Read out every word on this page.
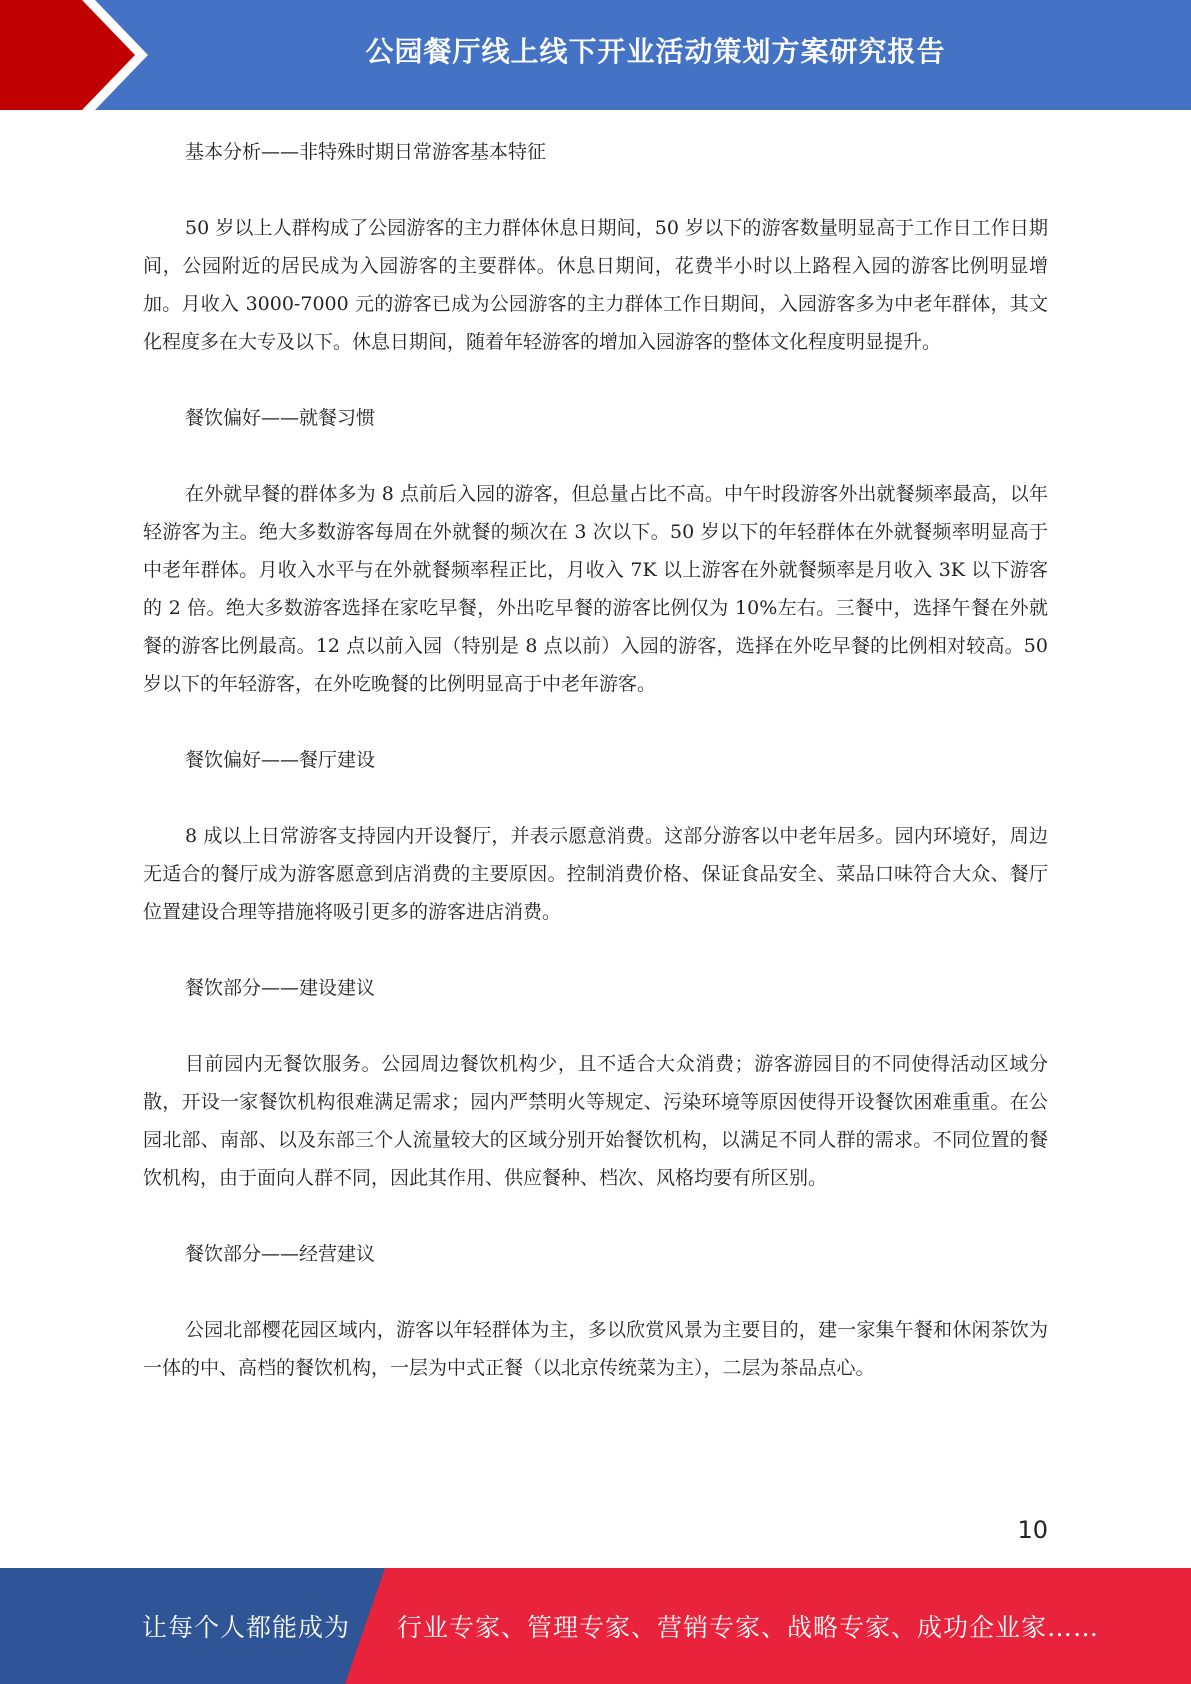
公园餐厅线上线下开业活动策划方案研究报告

基本分析——非特殊时期日常游客基本特征

50 岁以上人群构成了公园游客的主力群体休息日期间，50 岁以下的游客数量明显高于工作日工作日期间，公园附近的居民成为入园游客的主要群体。休息日期间，花费半小时以上路程入园的游客比例明显增加。月收入 3000-7000 元的游客已成为公园游客的主力群体工作日期间，入园游客多为中老年群体，其文化程度多在大专及以下。休息日期间，随着年轻游客的增加入园游客的整体文化程度明显提升。

餐饮偏好——就餐习惯

在外就早餐的群体多为 8 点前后入园的游客，但总量占比不高。中午时段游客外出就餐频率最高，以年轻游客为主。绝大多数游客每周在外就餐的频次在 3 次以下。50 岁以下的年轻群体在外就餐频率明显高于中老年群体。月收入水平与在外就餐频率程正比，月收入 7K 以上游客在外就餐频率是月收入 3K 以下游客的 2 倍。绝大多数游客选择在家吃早餐，外出吃早餐的游客比例仅为 10%左右。三餐中，选择午餐在外就餐的游客比例最高。12 点以前入园（特别是 8 点以前）入园的游客，选择在外吃早餐的比例相对较高。50 岁以下的年轻游客，在外吃晚餐的比例明显高于中老年游客。

餐饮偏好——餐厅建设

8 成以上日常游客支持园内开设餐厅，并表示愿意消费。这部分游客以中老年居多。园内环境好，周边无适合的餐厅成为游客愿意到店消费的主要原因。控制消费价格、保证食品安全、菜品口味符合大众、餐厅位置建设合理等措施将吸引更多的游客进店消费。

餐饮部分——建设建议

目前园内无餐饮服务。公园周边餐饮机构少，且不适合大众消费；游客游园目的不同使得活动区域分散，开设一家餐饮机构很难满足需求；园内严禁明火等规定、污染环境等原因使得开设餐饮困难重重。在公园北部、南部、以及东部三个人流量较大的区域分别开始餐饮机构，以满足不同人群的需求。不同位置的餐饮机构，由于面向人群不同，因此其作用、供应餐种、档次、风格均要有所区别。

餐饮部分——经营建议

公园北部樱花园区域内，游客以年轻群体为主，多以欣赏风景为主要目的，建一家集午餐和休闲茶饮为一体的中、高档的餐饮机构，一层为中式正餐（以北京传统菜为主），二层为茶品点心。

10
让每个人都能成为 行业专家、管理专家、营销专家、战略专家、成功企业家……
